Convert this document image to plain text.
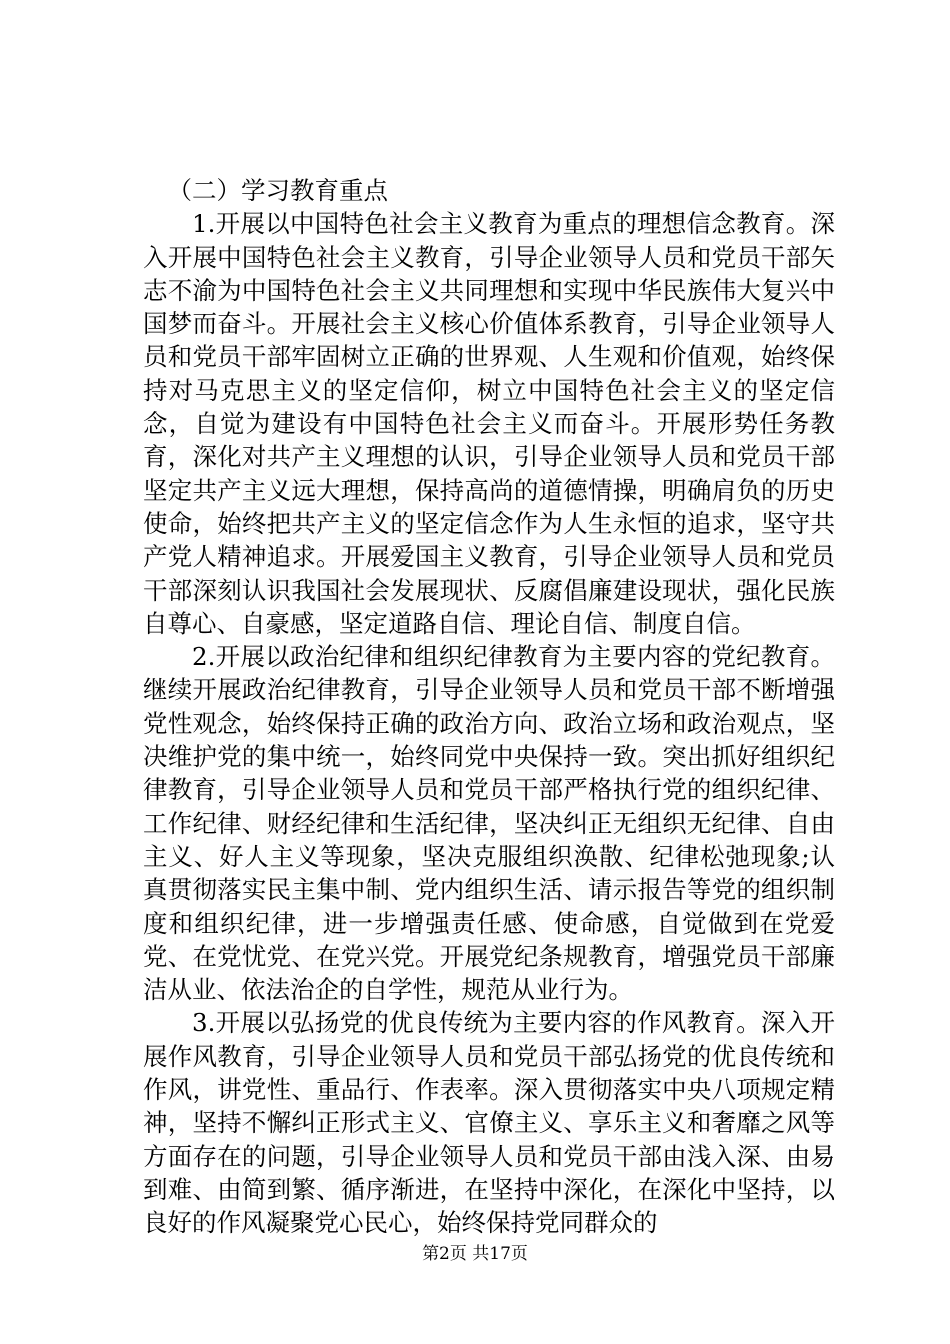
（二）学习教育重点

1.开展以中国特色社会主义教育为重点的理想信念教育。深入开展中国特色社会主义教育，引导企业领导人员和党员干部矢志不渝为中国特色社会主义共同理想和实现中华民族伟大复兴中国梦而奋斗。开展社会主义核心价值体系教育，引导企业领导人员和党员干部牢固树立正确的世界观、人生观和价值观，始终保持对马克思主义的坚定信仰，树立中国特色社会主义的坚定信念，自觉为建设有中国特色社会主义而奋斗。开展形势任务教育，深化对共产主义理想的认识，引导企业领导人员和党员干部坚定共产主义远大理想，保持高尚的道德情操，明确肩负的历史使命，始终把共产主义的坚定信念作为人生永恒的追求，坚守共产党人精神追求。开展爱国主义教育，引导企业领导人员和党员干部深刻认识我国社会发展现状、反腐倡廉建设现状，强化民族自尊心、自豪感，坚定道路自信、理论自信、制度自信。

2.开展以政治纪律和组织纪律教育为主要内容的党纪教育。继续开展政治纪律教育，引导企业领导人员和党员干部不断增强党性观念，始终保持正确的政治方向、政治立场和政治观点，坚决维护党的集中统一，始终同党中央保持一致。突出抓好组织纪律教育，引导企业领导人员和党员干部严格执行党的组织纪律、工作纪律、财经纪律和生活纪律，坚决纠正无组织无纪律、自由主义、好人主义等现象，坚决克服组织涣散、纪律松弛现象;认真贯彻落实民主集中制、党内组织生活、请示报告等党的组织制度和组织纪律，进一步增强责任感、使命感，自觉做到在党爱党、在党忧党、在党兴党。开展党纪条规教育，增强党员干部廉洁从业、依法治企的自学性，规范从业行为。

3.开展以弘扬党的优良传统为主要内容的作风教育。深入开展作风教育，引导企业领导人员和党员干部弘扬党的优良传统和作风，讲党性、重品行、作表率。深入贯彻落实中央八项规定精神，坚持不懈纠正形式主义、官僚主义、享乐主义和奢靡之风等方面存在的问题，引导企业领导人员和党员干部由浅入深、由易到难、由简到繁、循序渐进，在坚持中深化，在深化中坚持，以良好的作风凝聚党心民心，始终保持党同群众的

第2页 共17页
